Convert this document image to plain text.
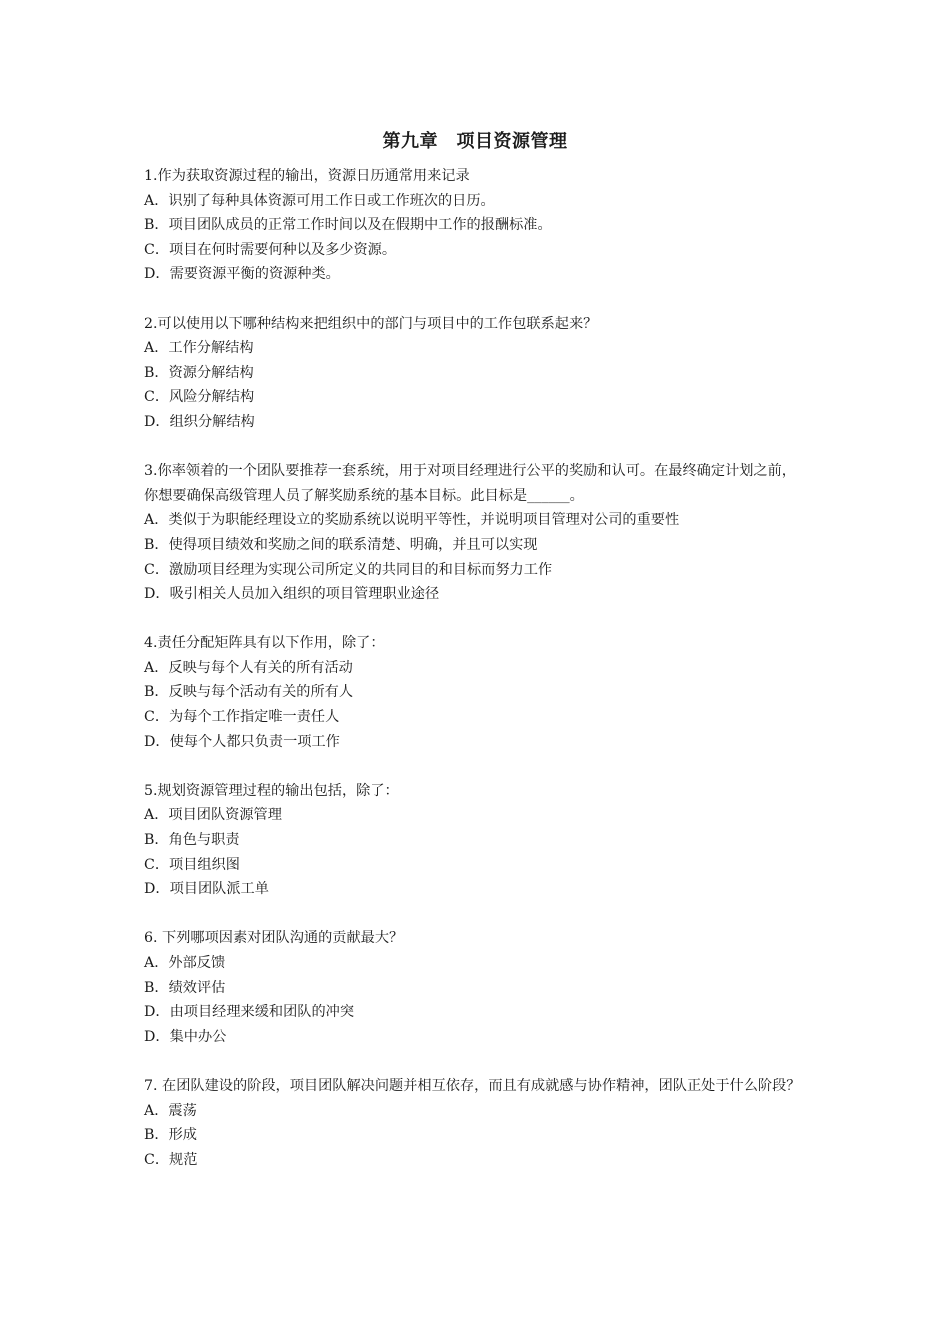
第九章　项目资源管理
1.作为获取资源过程的输出，资源日历通常用来记录
A．识别了每种具体资源可用工作日或工作班次的日历。
B．项目团队成员的正常工作时间以及在假期中工作的报酬标准。
C．项目在何时需要何种以及多少资源。
D．需要资源平衡的资源种类。
2.可以使用以下哪种结构来把组织中的部门与项目中的工作包联系起来？
A．工作分解结构
B．资源分解结构
C．风险分解结构
D．组织分解结构
3.你率领着的一个团队要推荐一套系统，用于对项目经理进行公平的奖励和认可。在最终确定计划之前，你想要确保高级管理人员了解奖励系统的基本目标。此目标是______。
A．类似于为职能经理设立的奖励系统以说明平等性，并说明项目管理对公司的重要性
B．使得项目绩效和奖励之间的联系清楚、明确，并且可以实现
C．激励项目经理为实现公司所定义的共同目的和目标而努力工作
D．吸引相关人员加入组织的项目管理职业途径
4.责任分配矩阵具有以下作用，除了：
A．反映与每个人有关的所有活动
B．反映与每个活动有关的所有人
C．为每个工作指定唯一责任人
D．使每个人都只负责一项工作
5.规划资源管理过程的输出包括，除了：
A．项目团队资源管理
B．角色与职责
C．项目组织图
D．项目团队派工单
6. 下列哪项因素对团队沟通的贡献最大？
A．外部反馈
B．绩效评估
D．由项目经理来缓和团队的冲突
D．集中办公
7. 在团队建设的阶段，项目团队解决问题并相互依存，而且有成就感与协作精神，团队正处于什么阶段？
A．震荡
B．形成
C．规范
